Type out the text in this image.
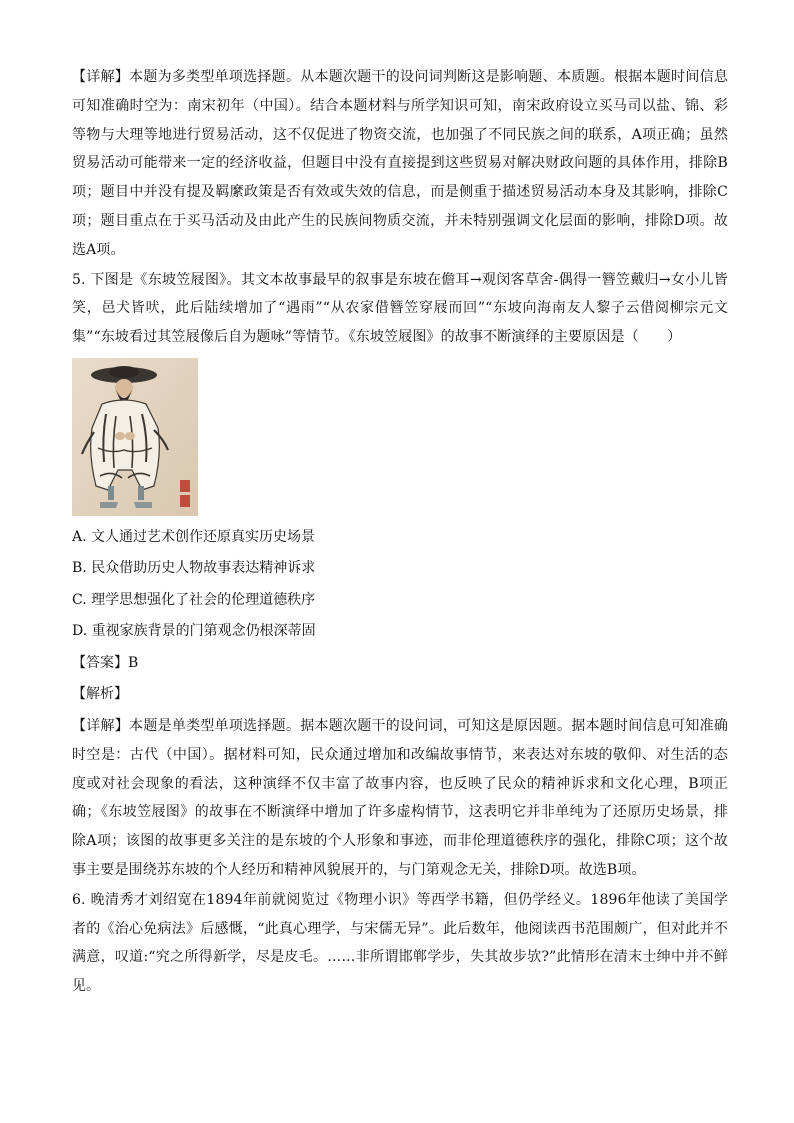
【详解】本题为多类型单项选择题。从本题次题干的设问词判断这是影响题、本质题。根据本题时间信息可知准确时空为：南宋初年（中国）。结合本题材料与所学知识可知，南宋政府设立买马司以盐、锦、彩等物与大理等地进行贸易活动，这不仅促进了物资交流，也加强了不同民族之间的联系，A项正确；虽然贸易活动可能带来一定的经济收益，但题目中没有直接提到这些贸易对解决财政问题的具体作用，排除B项；题目中并没有提及羁縻政策是否有效或失效的信息，而是侧重于描述贸易活动本身及其影响，排除C项；题目重点在于买马活动及由此产生的民族间物质交流，并未特别强调文化层面的影响，排除D项。故选A项。

5. 下图是《东坡笠屐图》。其文本故事最早的叙事是东坡在儋耳→观闵客草舍-偶得一簪笠戴归→女小儿皆笑，邑犬皆吠，此后陆续增加了“遇雨”“从农家借簪笠穿屐而回”“东坡向海南友人黎子云借阅柳宗元文集”“东坡看过其笠屐像后自为题咏”等情节。《东坡笠屐图》的故事不断演绎的主要原因是（　　）

A. 文人通过艺术创作还原真实历史场景

B. 民众借助历史人物故事表达精神诉求

C. 理学思想强化了社会的伦理道德秩序

D. 重视家族背景的门第观念仍根深蒂固

【答案】B

【解析】

【详解】本题是单类型单项选择题。据本题次题干的设问词，可知这是原因题。据本题时间信息可知准确时空是：古代（中国）。据材料可知，民众通过增加和改编故事情节，来表达对东坡的敬仰、对生活的态度或对社会现象的看法，这种演绎不仅丰富了故事内容，也反映了民众的精神诉求和文化心理，B项正确；《东坡笠屐图》的故事在不断演绎中增加了许多虚构情节，这表明它并非单纯为了还原历史场景，排除A项；该图的故事更多关注的是东坡的个人形象和事迹，而非伦理道德秩序的强化，排除C项；这个故事主要是围绕苏东坡的个人经历和精神风貌展开的，与门第观念无关，排除D项。故选B项。

6. 晚清秀才刘绍宽在1894年前就阅览过《物理小识》等西学书籍，但仍学经义。1896年他读了美国学者的《治心免病法》后感慨，“此真心理学，与宋儒无异”。此后数年，他阅读西书范围颇广，但对此并不满意，叹道:“究之所得新学，尽是皮毛。……非所谓邯郸学步，失其故步欤?”此情形在清末士绅中并不鲜见。
